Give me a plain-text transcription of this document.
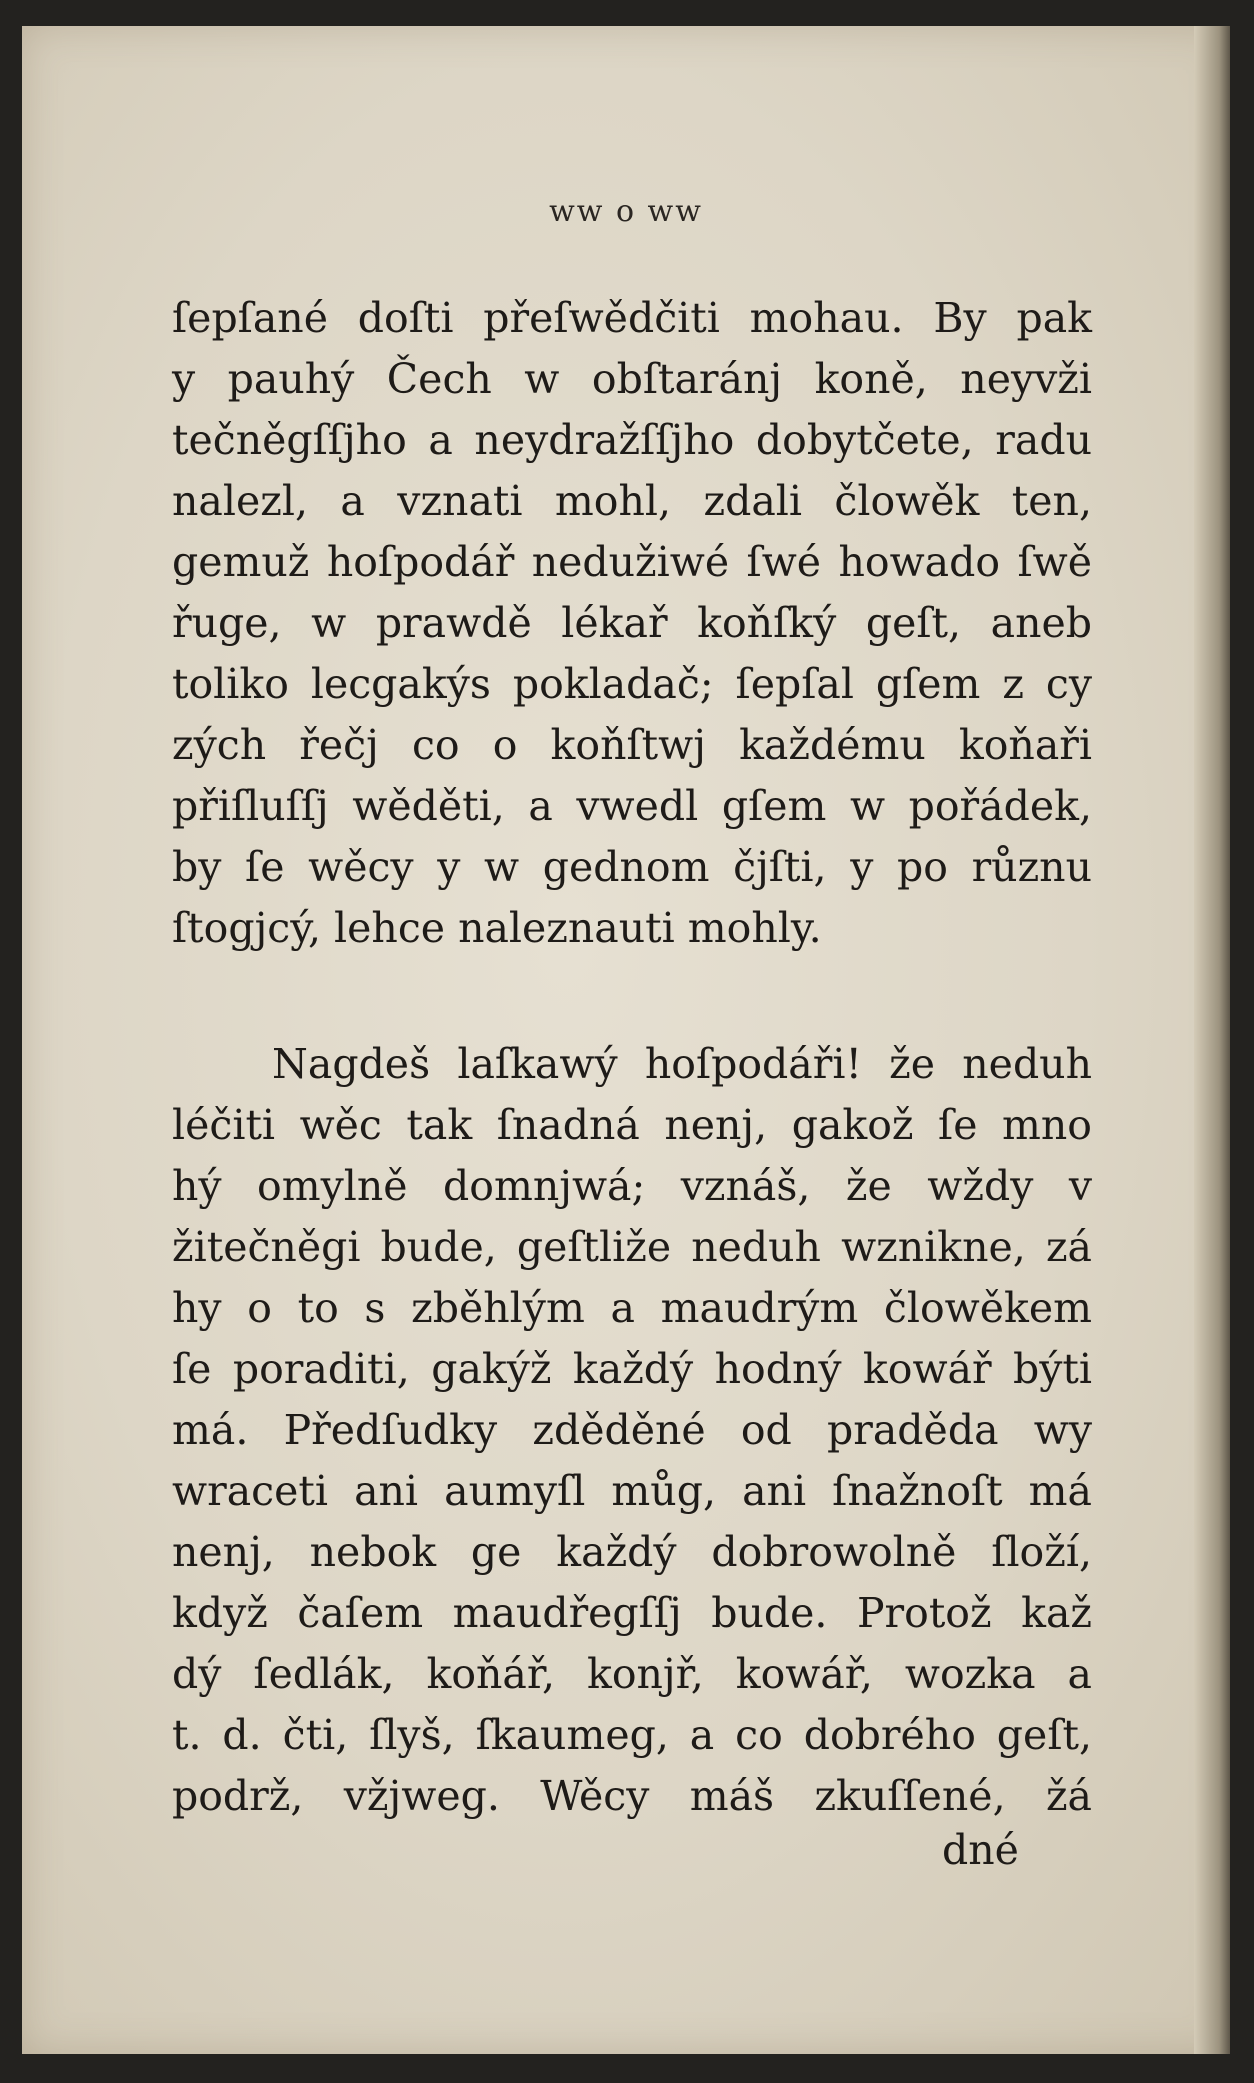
ww o ww
ſepſané doſti přeſwědčiti mohau. By pak
y pauhý Čech w obſtaránj koně, neyvži
tečněgſſjho a neydražſſjho dobytčete, radu
nalezl, a vznati mohl, zdali člowěk ten,
gemuž hoſpodář nedužiwé ſwé howado ſwě
řuge, w prawdě lékař koňſký geſt, aneb
toliko lecgakýs pokladač; ſepſal gſem z cy
zých řečj co o koňſtwj každému koňaři
přiſluſſj wěděti, a vwedl gſem w pořádek,
by ſe wěcy y w gednom čjſti, y po různu
ſtogjcý, lehce naleznauti mohly.
Nagdeš laſkawý hoſpodáři! že neduh
léčiti wěc tak ſnadná nenj, gakož ſe mno
hý omylně domnjwá; vznáš, že wždy v
žitečněgi bude, geſtliže neduh wznikne, zá
hy o to s zběhlým a maudrým člowěkem
ſe poraditi, gakýž každý hodný kowář býti
má. Předſudky zděděné od praděda wy
wraceti ani aumyſl můg, ani ſnažnoſt má
nenj, nebok ge každý dobrowolně ſloží,
když čaſem maudřegſſj bude. Protož kaž
dý ſedlák, koňář, konjř, kowář, wozka a
t. d. čti, ſlyš, ſkaumeg, a co dobrého geſt,
podrž, vžjweg. Wěcy máš zkuſſené, žá
dné
